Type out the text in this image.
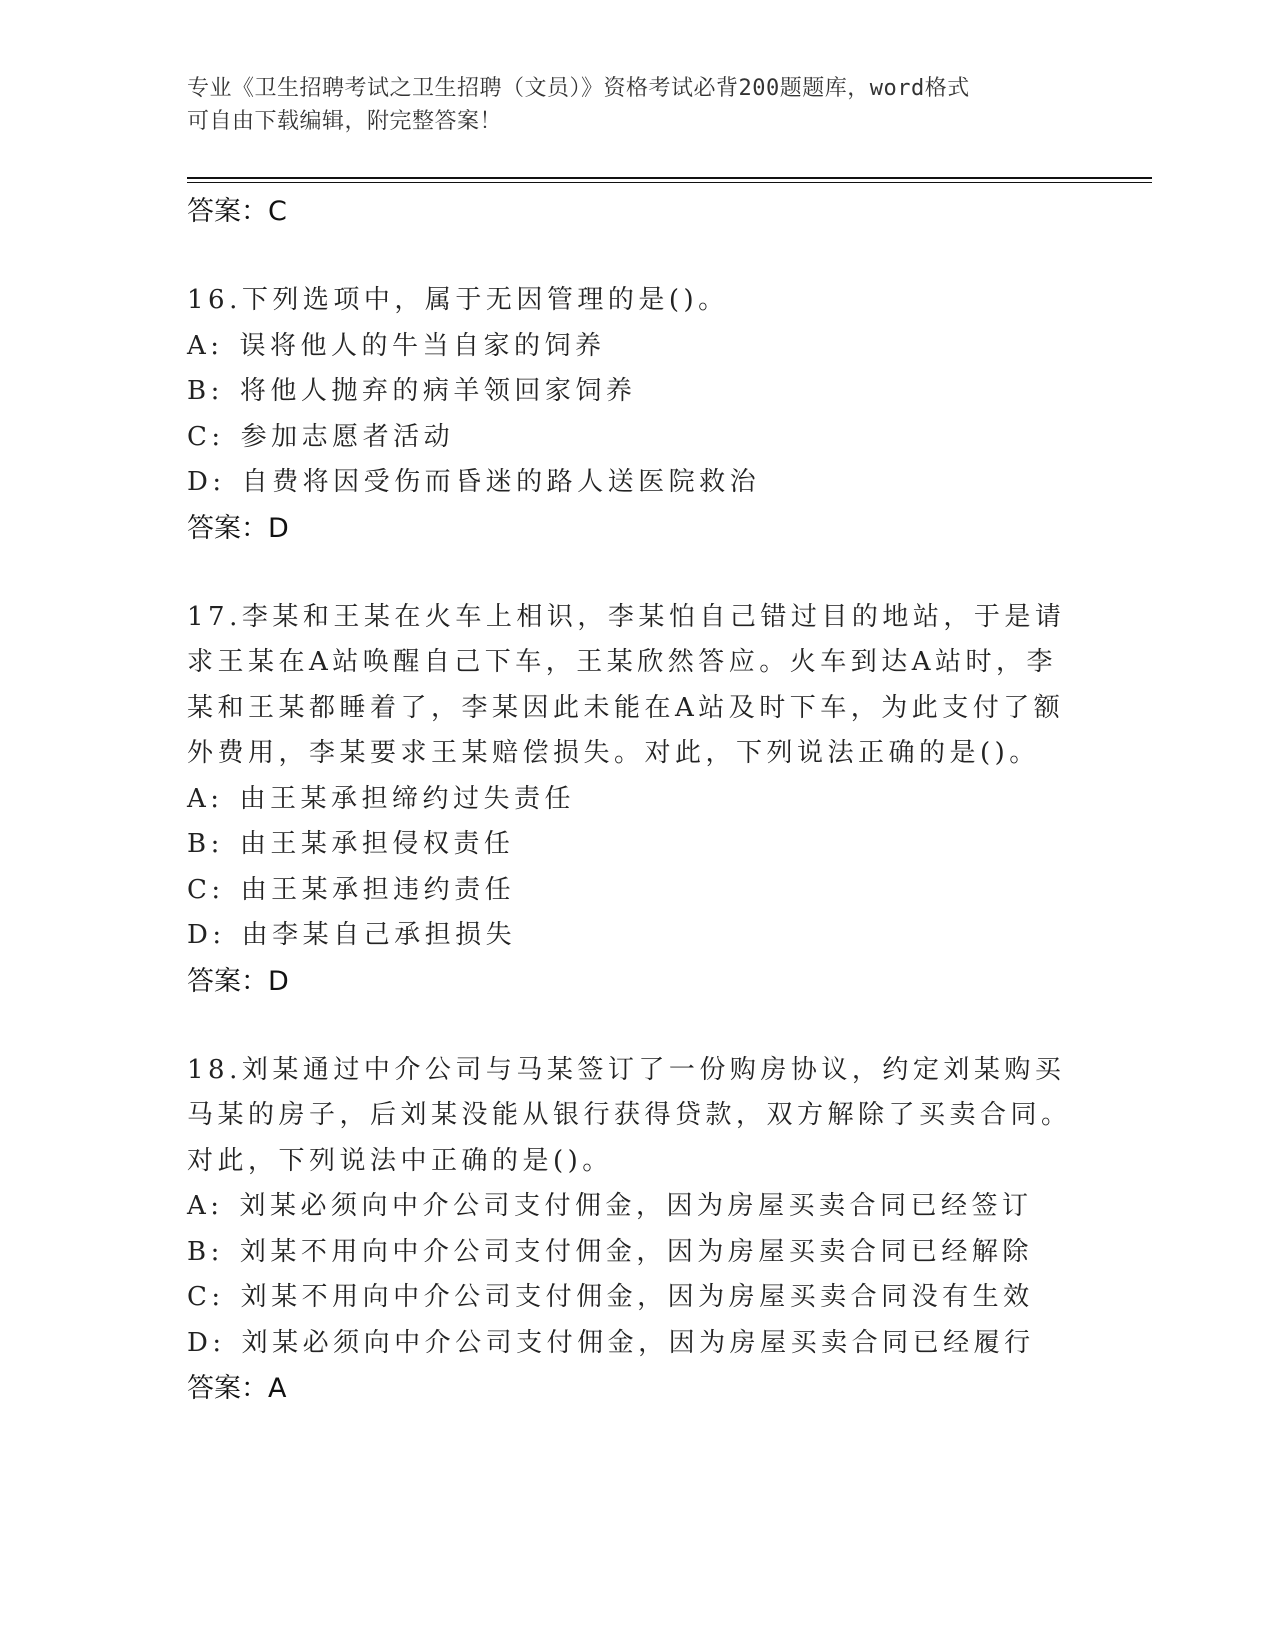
专业《卫生招聘考试之卫生招聘（文员）》资格考试必背200题题库，word格式
可自由下载编辑，附完整答案！
答案：C
16.下列选项中，属于无因管理的是()。
A: 误将他人的牛当自家的饲养
B: 将他人抛弃的病羊领回家饲养
C: 参加志愿者活动
D: 自费将因受伤而昏迷的路人送医院救治
答案：D
17.李某和王某在火车上相识，李某怕自己错过目的地站，于是请求王某在A站唤醒自己下车，王某欣然答应。火车到达A站时，李某和王某都睡着了，李某因此未能在A站及时下车，为此支付了额外费用，李某要求王某赔偿损失。对此，下列说法正确的是()。
A: 由王某承担缔约过失责任
B: 由王某承担侵权责任
C: 由王某承担违约责任
D: 由李某自己承担损失
答案：D
18.刘某通过中介公司与马某签订了一份购房协议，约定刘某购买马某的房子，后刘某没能从银行获得贷款，双方解除了买卖合同。对此，下列说法中正确的是()。
A: 刘某必须向中介公司支付佣金，因为房屋买卖合同已经签订
B: 刘某不用向中介公司支付佣金，因为房屋买卖合同已经解除
C: 刘某不用向中介公司支付佣金，因为房屋买卖合同没有生效
D: 刘某必须向中介公司支付佣金，因为房屋买卖合同已经履行
答案：A
